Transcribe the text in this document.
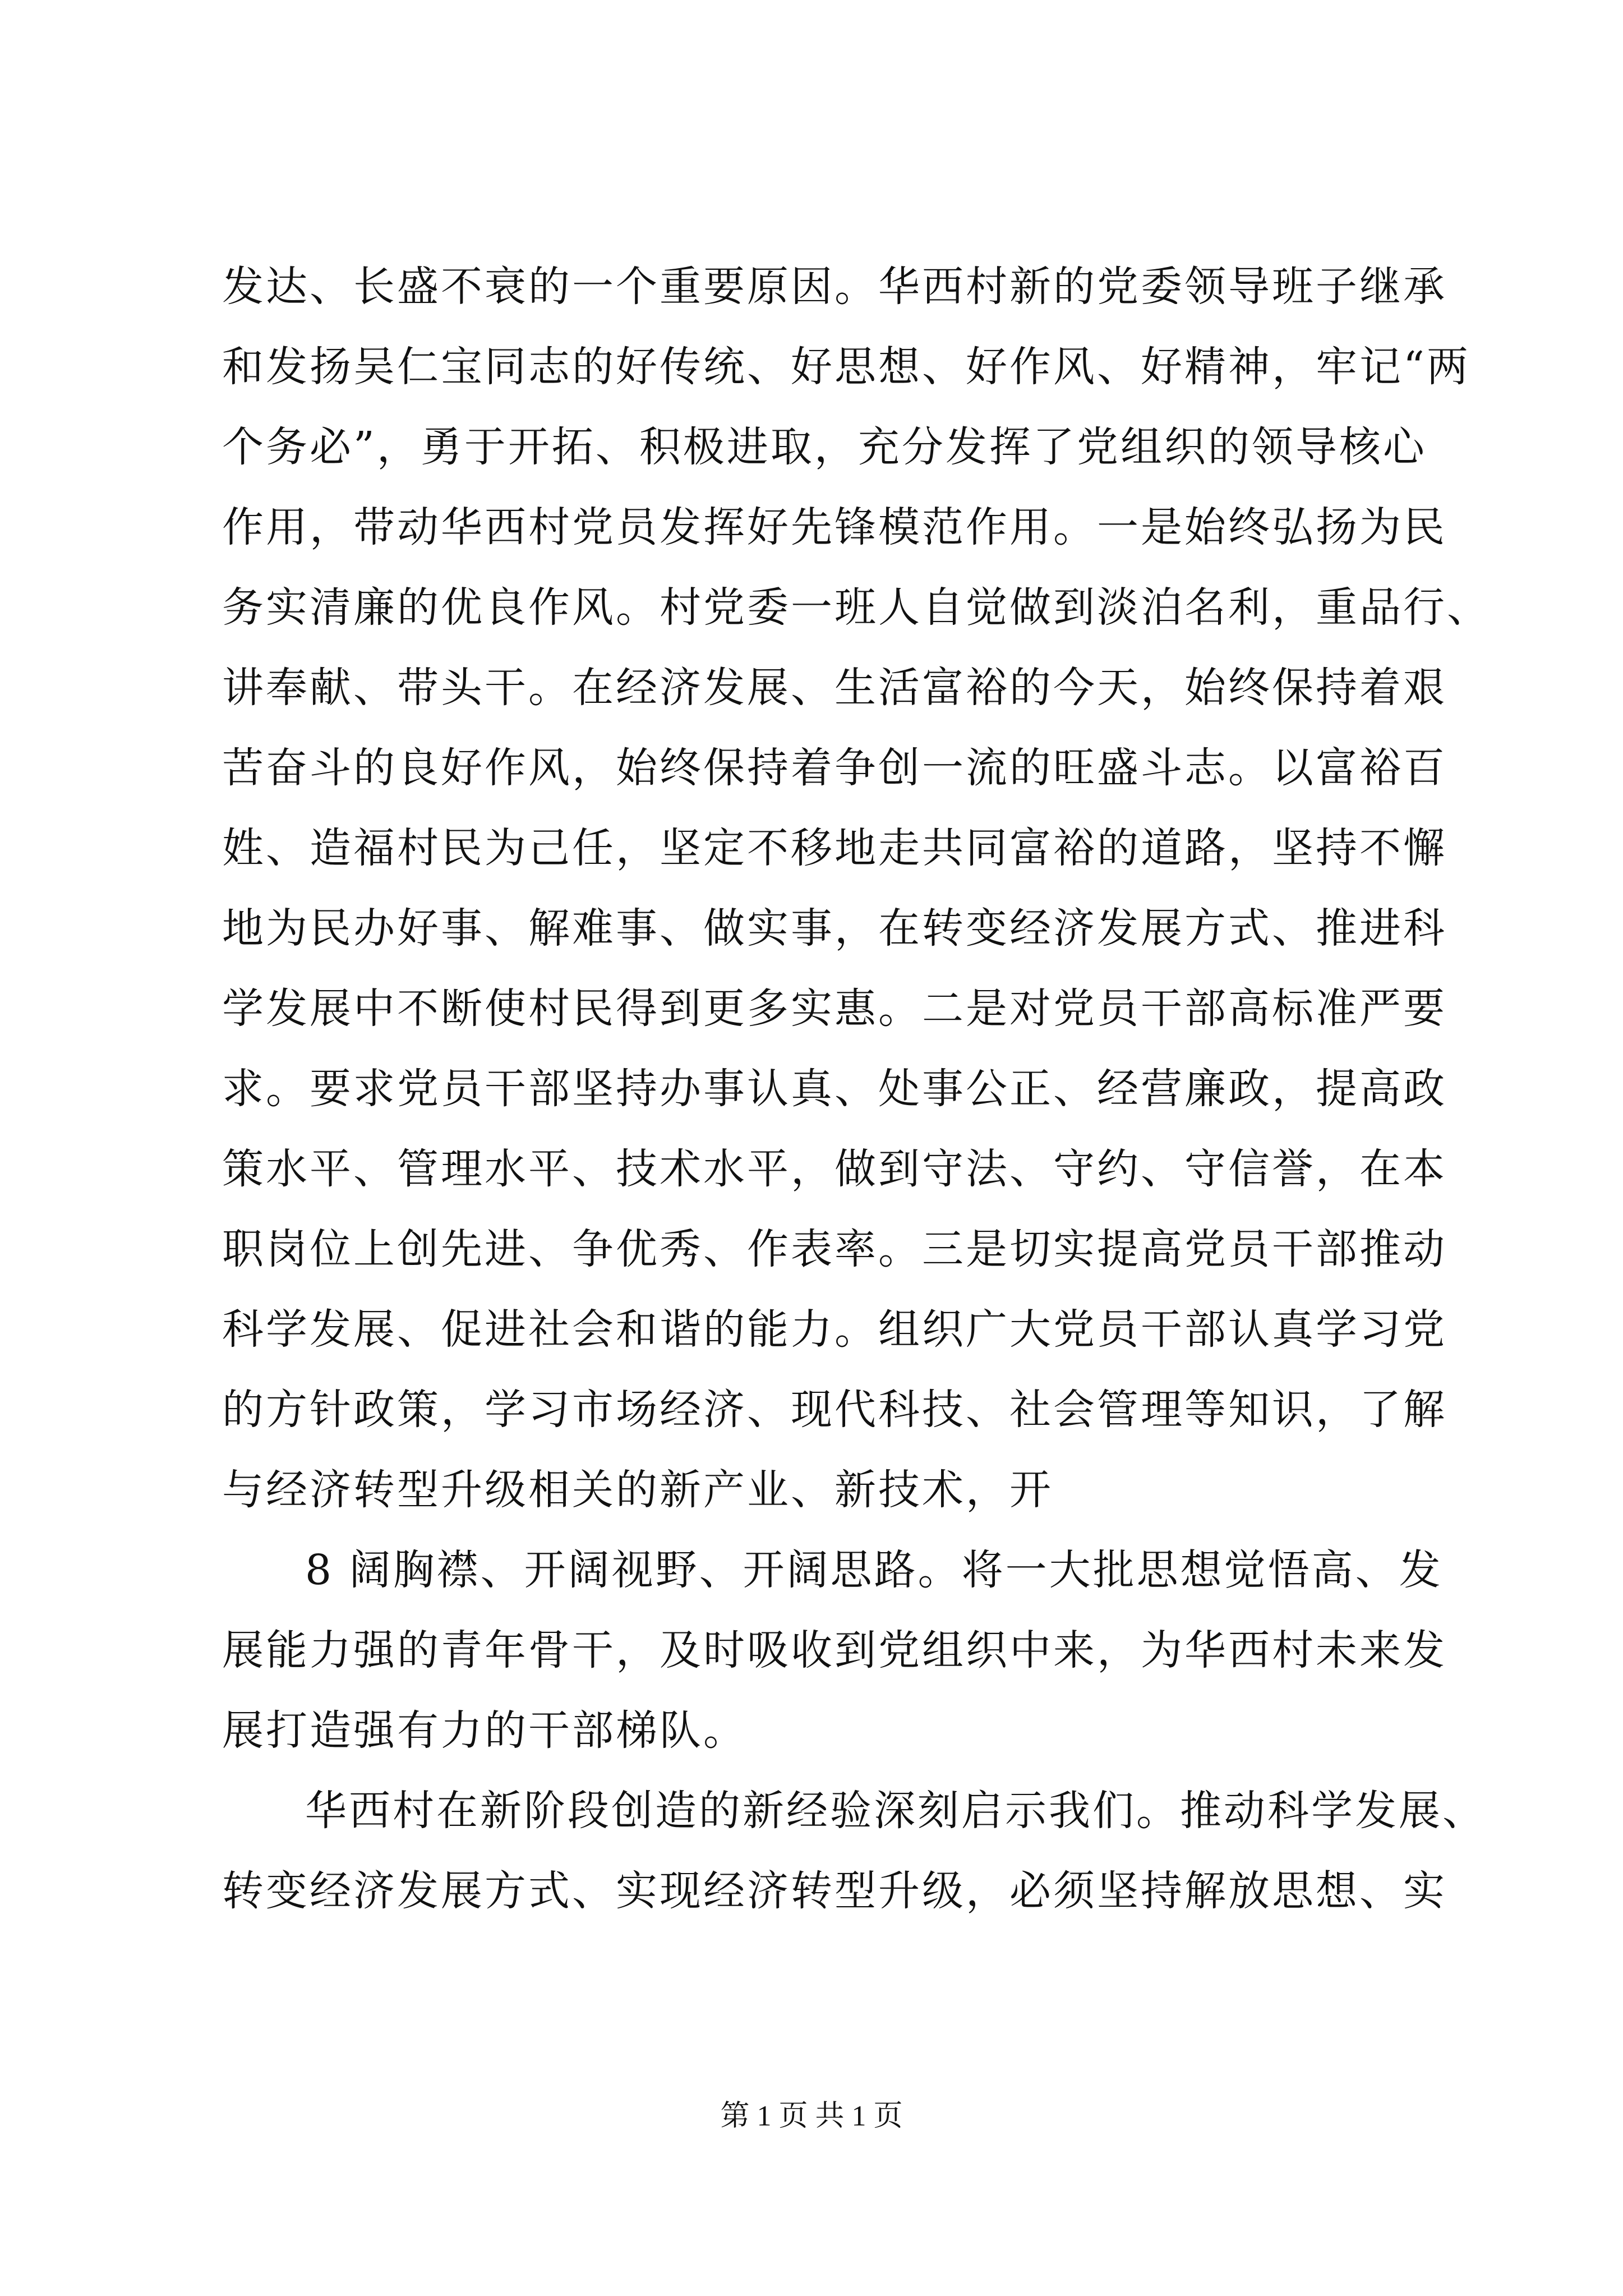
发达、长盛不衰的一个重要原因。华西村新的党委领导班子继承
和发扬吴仁宝同志的好传统、好思想、好作风、好精神，牢记“两
个务必”，勇于开拓、积极进取，充分发挥了党组织的领导核心
作用，带动华西村党员发挥好先锋模范作用。一是始终弘扬为民
务实清廉的优良作风。村党委一班人自觉做到淡泊名利，重品行、
讲奉献、带头干。在经济发展、生活富裕的今天，始终保持着艰
苦奋斗的良好作风，始终保持着争创一流的旺盛斗志。以富裕百
姓、造福村民为己任，坚定不移地走共同富裕的道路，坚持不懈
地为民办好事、解难事、做实事，在转变经济发展方式、推进科
学发展中不断使村民得到更多实惠。二是对党员干部高标准严要
求。要求党员干部坚持办事认真、处事公正、经营廉政，提高政
策水平、管理水平、技术水平，做到守法、守约、守信誉，在本
职岗位上创先进、争优秀、作表率。三是切实提高党员干部推动
科学发展、促进社会和谐的能力。组织广大党员干部认真学习党
的方针政策，学习市场经济、现代科技、社会管理等知识，了解
与经济转型升级相关的新产业、新技术，开
8 阔胸襟、开阔视野、开阔思路。将一大批思想觉悟高、发
展能力强的青年骨干，及时吸收到党组织中来，为华西村未来发
展打造强有力的干部梯队。
华西村在新阶段创造的新经验深刻启示我们。推动科学发展、
转变经济发展方式、实现经济转型升级，必须坚持解放思想、实
第 1 页 共 1 页
